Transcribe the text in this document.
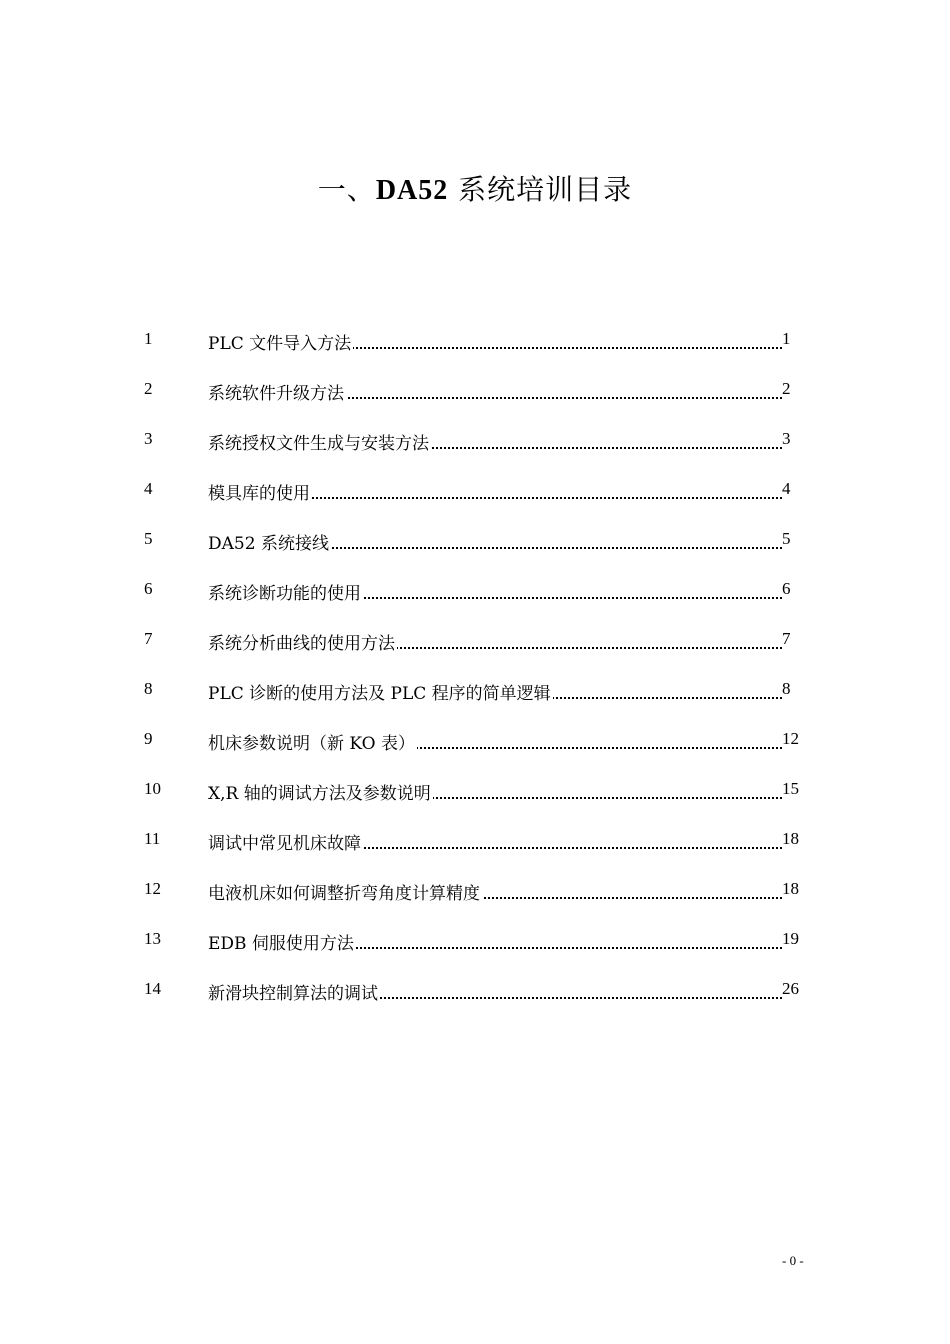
一、DA52 系统培训目录
1	PLC 文件导入方法	1
2	系统软件升级方法	2
3	系统授权文件生成与安装方法	3
4	模具库的使用	4
5	DA52 系统接线	5
6	系统诊断功能的使用	6
7	系统分析曲线的使用方法	7
8	PLC 诊断的使用方法及 PLC 程序的简单逻辑	8
9	机床参数说明（新 KO 表）	12
10	X,R 轴的调试方法及参数说明	15
11	调试中常见机床故障	18
12	电液机床如何调整折弯角度计算精度	18
13	EDB 伺服使用方法	19
14	新滑块控制算法的调试	26
- 0 -
